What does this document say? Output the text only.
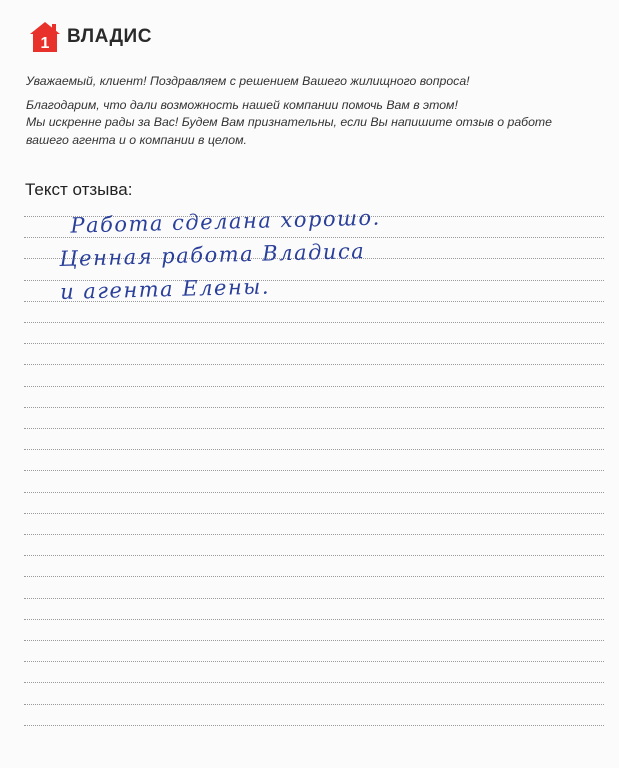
1 ВЛАДИС

Уважаемый, клиент! Поздравляем с решением Вашего жилищного вопроса!

Благодарим, что дали возможность нашей компании помочь Вам в этом!

Мы искренне рады за Вас! Будем Вам признательны, если Вы напишите отзыв о работе

вашего агента и о компании в целом.

Текст отзыва:
Работа сделана хорошо.
Ценная работа Владиса
и агента Елены.
